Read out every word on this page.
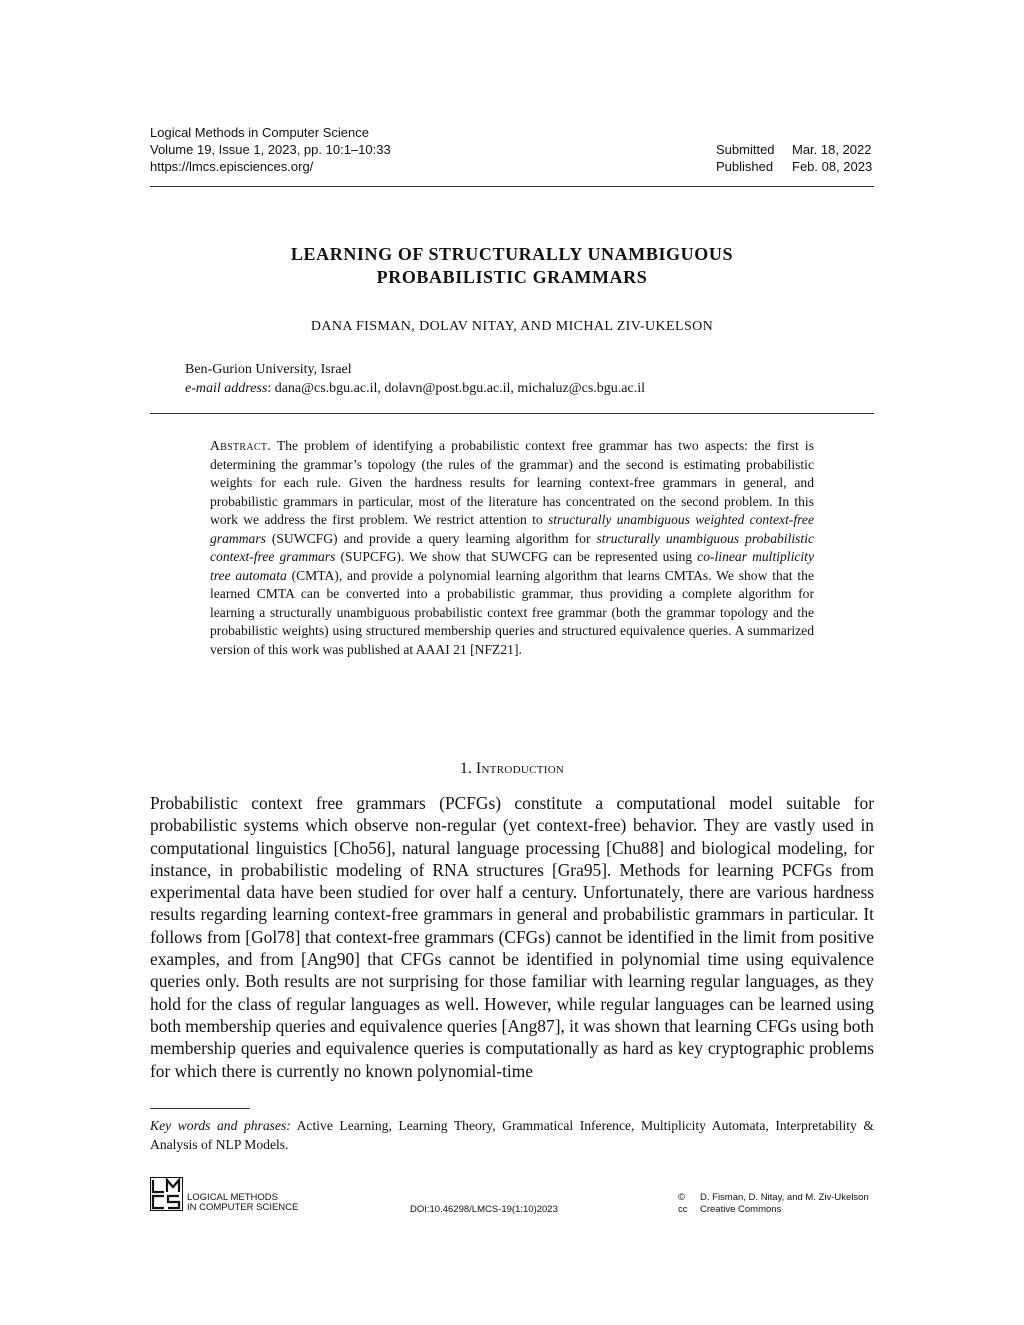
Logical Methods in Computer Science
Volume 19, Issue 1, 2023, pp. 10:1–10:33
https://lmcs.episciences.org/
Submitted	Mar. 18, 2022
Published	Feb. 08, 2023
LEARNING OF STRUCTURALLY UNAMBIGUOUS
PROBABILISTIC GRAMMARS
DANA FISMAN, DOLAV NITAY, AND MICHAL ZIV-UKELSON
Ben-Gurion University, Israel
e-mail address: dana@cs.bgu.ac.il, dolavn@post.bgu.ac.il, michaluz@cs.bgu.ac.il
Abstract. The problem of identifying a probabilistic context free grammar has two aspects: the first is determining the grammar’s topology (the rules of the grammar) and the second is estimating probabilistic weights for each rule. Given the hardness results for learning context-free grammars in general, and probabilistic grammars in particular, most of the literature has concentrated on the second problem. In this work we address the first problem. We restrict attention to structurally unambiguous weighted context-free grammars (SUWCFG) and provide a query learning algorithm for structurally unambiguous probabilistic context-free grammars (SUPCFG). We show that SUWCFG can be represented using co-linear multiplicity tree automata (CMTA), and provide a polynomial learning algorithm that learns CMTAs. We show that the learned CMTA can be converted into a probabilistic grammar, thus providing a complete algorithm for learning a structurally unambiguous probabilistic context free grammar (both the grammar topology and the probabilistic weights) using structured membership queries and structured equivalence queries. A summarized version of this work was published at AAAI 21 [NFZ21].
1. Introduction
Probabilistic context free grammars (PCFGs) constitute a computational model suitable for probabilistic systems which observe non-regular (yet context-free) behavior. They are vastly used in computational linguistics [Cho56], natural language processing [Chu88] and biological modeling, for instance, in probabilistic modeling of RNA structures [Gra95]. Methods for learning PCFGs from experimental data have been studied for over half a century. Unfortunately, there are various hardness results regarding learning context-free grammars in general and probabilistic grammars in particular. It follows from [Gol78] that context-free grammars (CFGs) cannot be identified in the limit from positive examples, and from [Ang90] that CFGs cannot be identified in polynomial time using equivalence queries only. Both results are not surprising for those familiar with learning regular languages, as they hold for the class of regular languages as well. However, while regular languages can be learned using both membership queries and equivalence queries [Ang87], it was shown that learning CFGs using both membership queries and equivalence queries is computationally as hard as key cryptographic problems for which there is currently no known polynomial-time
Key words and phrases: Active Learning, Learning Theory, Grammatical Inference, Multiplicity Automata, Interpretability & Analysis of NLP Models.
LOGICAL METHODS
IN COMPUTER SCIENCE	DOI:10.46298/LMCS-19(1:10)2023
©	D. Fisman, D. Nitay, and M. Ziv-Ukelson
cc	Creative Commons
